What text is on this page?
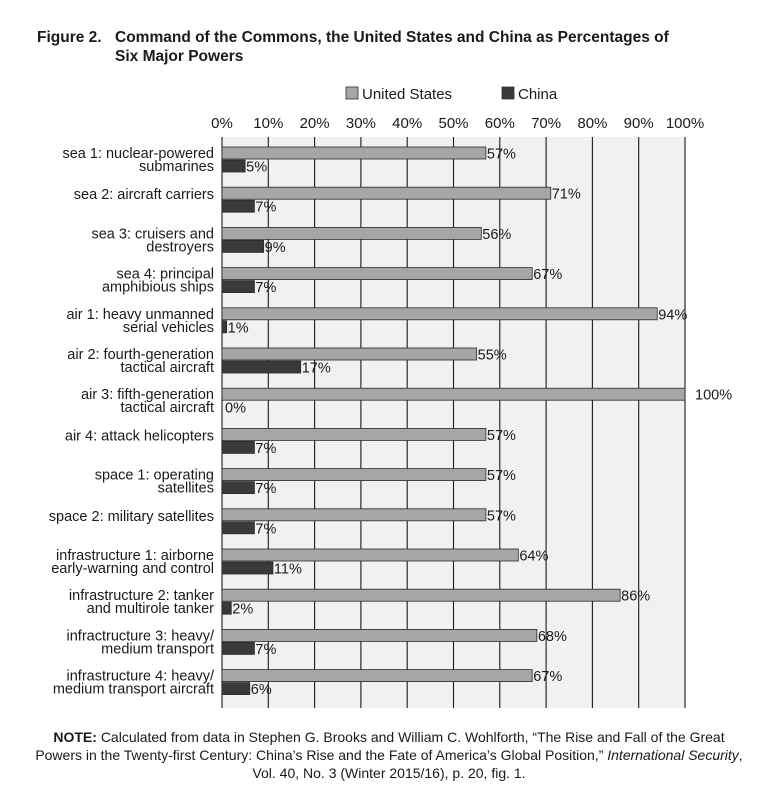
Figure 2. Command of the Commons, the United States and China as Percentages of
Six Major Powers
0% 10% 20% 30% 40% 50% 60% 70% 80% 90% 100%
United States	China
57%
5%
71%
7%
56%
9%
67%
7%
94%
1%
55%
17%
100%
0%
57%
7%
57%
7%
57%
7%
64%
11%
86%
2%
68%
7%
67%
6%
sea 1: nuclear-powered
submarines
sea 2: aircraft carriers
sea 3: cruisers and
destroyers
sea 4: principal
amphibious ships
air 1: heavy unmanned
serial vehicles
air 2: fourth-generation
tactical aircraft
air 3: fifth-generation
tactical aircraft
air 4: attack helicopters
space 1: operating
satellites
space 2: military satellites
infrastructure 1: airborne
early-warning and control
infrastructure 2: tanker
and multirole tanker
infractructure 3: heavy/
medium transport
infrastructure 4: heavy/
medium transport aircraft

NOTE: Calculated from data in Stephen G. Brooks and William C. Wohlforth, “The Rise and Fall of the Great Powers in the Twenty-first Century: China’s Rise and the Fate of America’s Global Position,” International Security, Vol. 40, No. 3 (Winter 2015/16), p. 20, fig. 1.
